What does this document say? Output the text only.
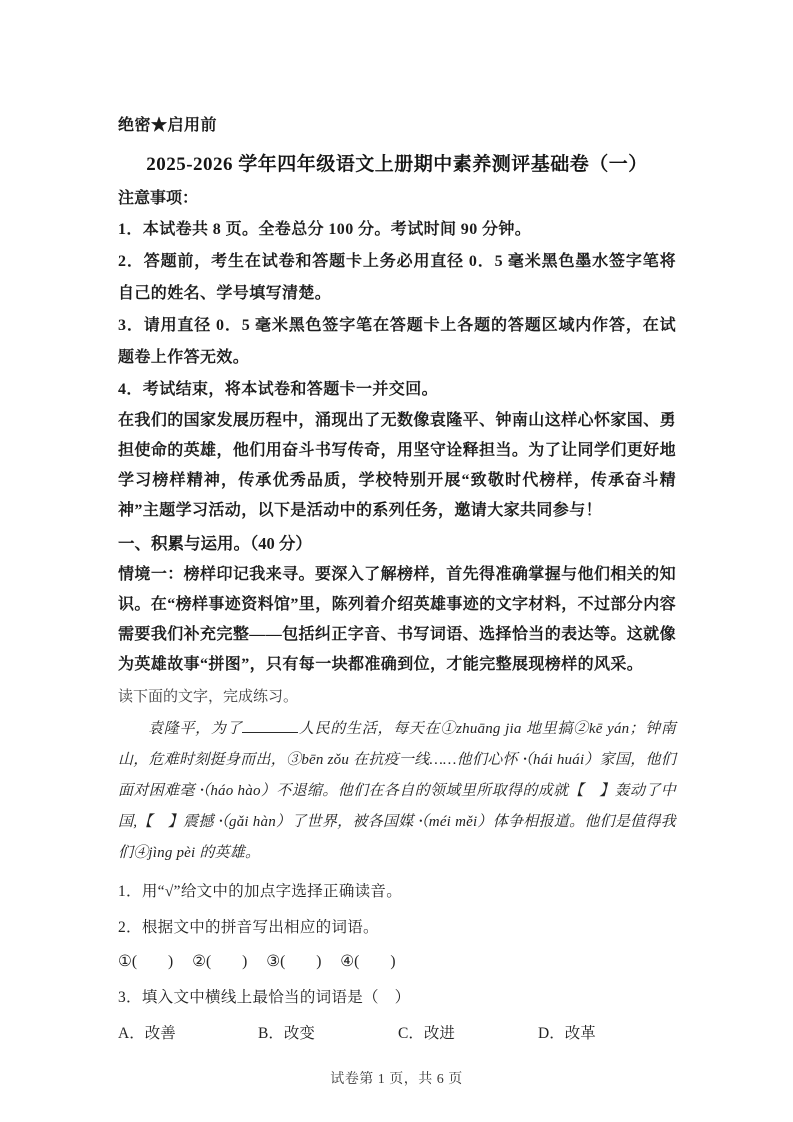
绝密★启用前
2025-2026 学年四年级语文上册期中素养测评基础卷（一）
注意事项：

1．本试卷共 8 页。全卷总分 100 分。考试时间 90 分钟。

2．答题前，考生在试卷和答题卡上务必用直径 0．5 毫米黑色墨水签字笔将自己的姓名、学号填写清楚。

3．请用直径 0．5 毫米黑色签字笔在答题卡上各题的答题区域内作答，在试题卷上作答无效。

4．考试结束，将本试卷和答题卡一并交回。

在我们的国家发展历程中，涌现出了无数像袁隆平、钟南山这样心怀家国、勇担使命的英雄，他们用奋斗书写传奇，用坚守诠释担当。为了让同学们更好地学习榜样精神，传承优秀品质，学校特别开展“致敬时代榜样，传承奋斗精神”主题学习活动，以下是活动中的系列任务，邀请大家共同参与！

一、积累与运用。（40 分）

情境一：榜样印记我来寻。要深入了解榜样，首先得准确掌握与他们相关的知识。在“榜样事迹资料馆”里，陈列着介绍英雄事迹的文字材料，不过部分内容需要我们补充完整——包括纠正字音、书写词语、选择恰当的表达等。这就像为英雄故事“拼图”，只有每一块都准确到位，才能完整展现榜样的风采。

读下面的文字，完成练习。

袁隆平，为了	人民的生活，每天在①zhuāng jia 地里搞②kē yán；钟南山，危难时刻挺身而出，③bēn zǒu 在抗疫一线……他们心怀 •（hái huái）家国，他们面对困难毫 •（háo hào）不退缩。他们在各自的领域里所取得的成就【　】轰动了中国,【　】震撼 •（gǎi hàn）了世界，被各国媒 •（méi měi）体争相报道。他们是值得我们④jìng pèi 的英雄。

1．用“√”给文中的加点字选择正确读音。

2．根据文中的拼音写出相应的词语。

①(    ) ②(    ) ③(    ) ④(    )

3．填入文中横线上最恰当的词语是（　）

A．改善	B．改变	C．改进	D．改革
试卷第 1 页，共 6 页
